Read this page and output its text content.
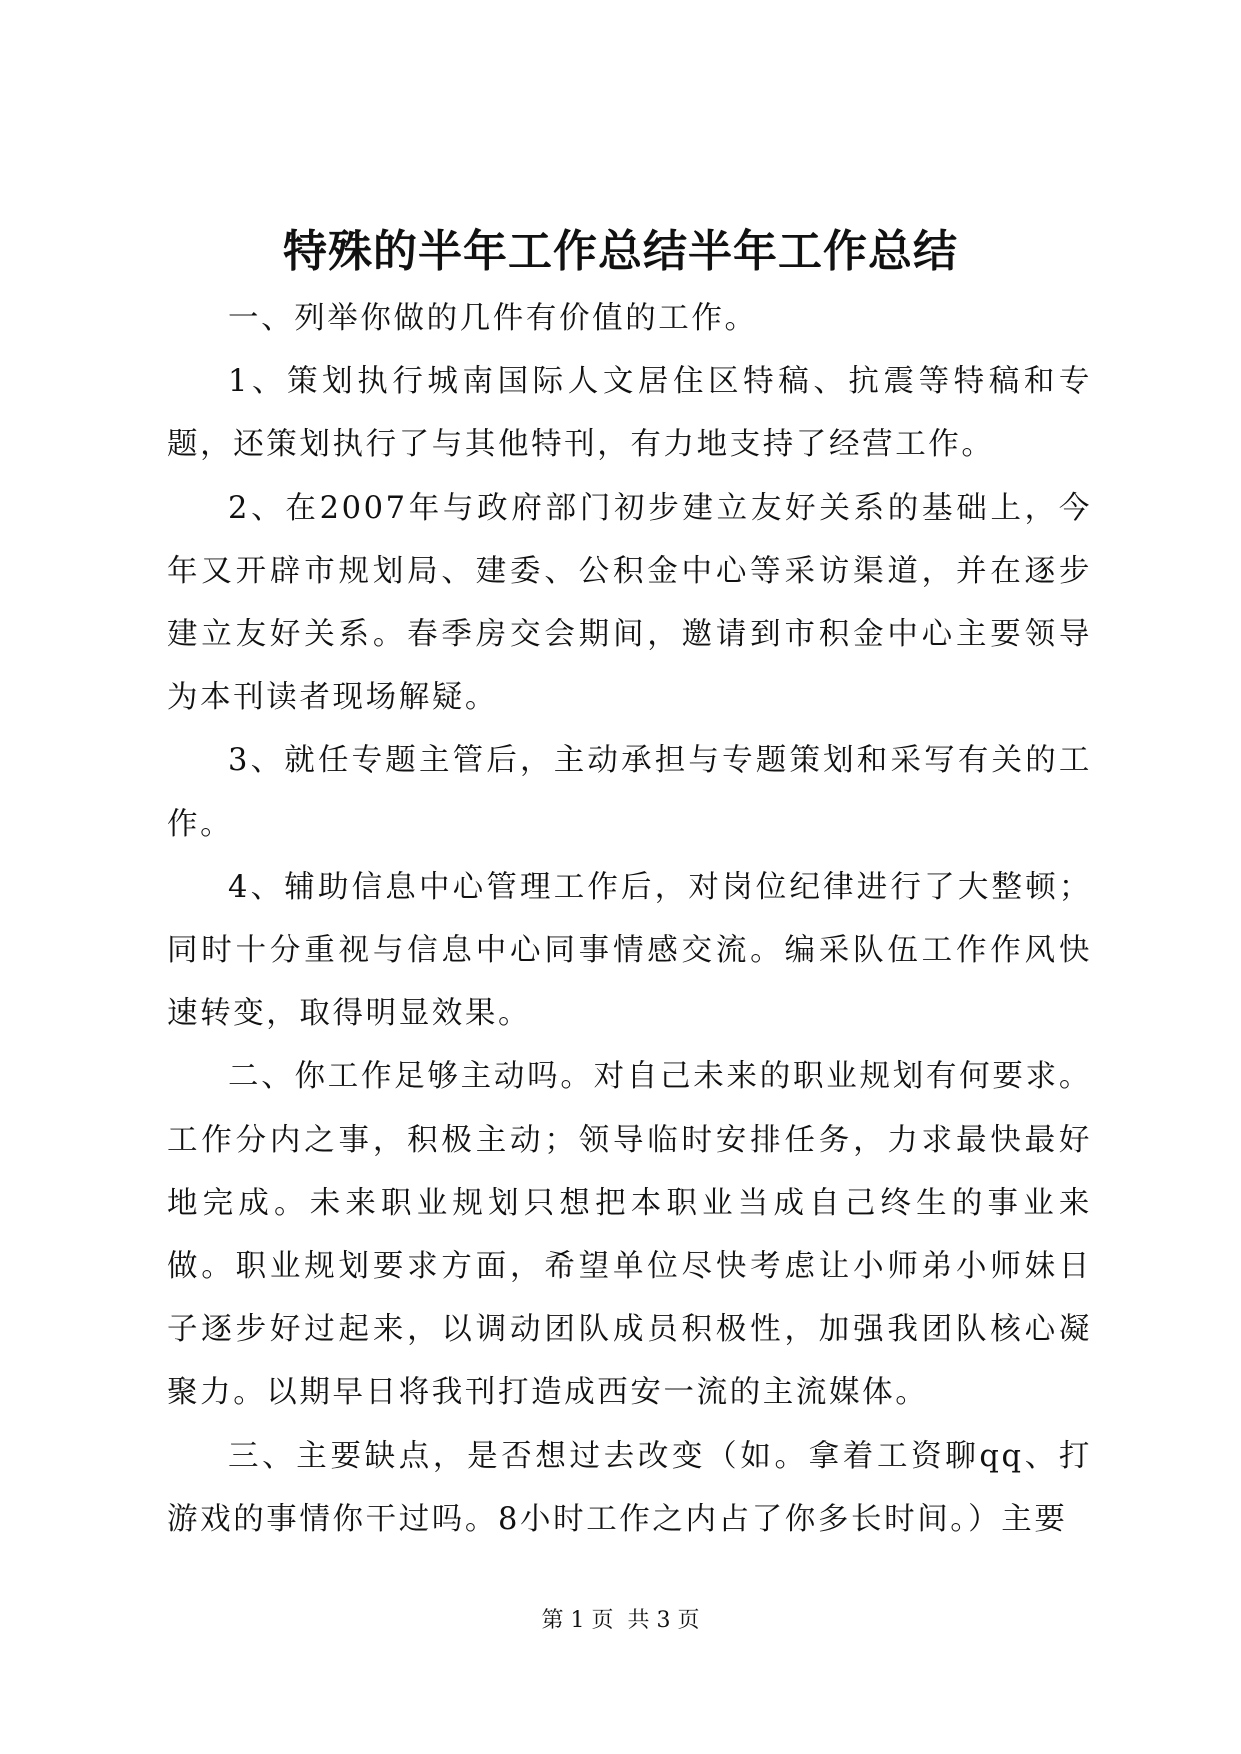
特殊的半年工作总结半年工作总结

一、列举你做的几件有价值的工作。

1、策划执行城南国际人文居住区特稿、抗震等特稿和专题，还策划执行了与其他特刊，有力地支持了经营工作。

2、在2007年与政府部门初步建立友好关系的基础上，今年又开辟市规划局、建委、公积金中心等采访渠道，并在逐步建立友好关系。春季房交会期间，邀请到市积金中心主要领导为本刊读者现场解疑。

3、就任专题主管后，主动承担与专题策划和采写有关的工作。

4、辅助信息中心管理工作后，对岗位纪律进行了大整顿；同时十分重视与信息中心同事情感交流。编采队伍工作作风快速转变，取得明显效果。

二、你工作足够主动吗。对自己未来的职业规划有何要求。工作分内之事，积极主动；领导临时安排任务，力求最快最好地完成。未来职业规划只想把本职业当成自己终生的事业来做。职业规划要求方面，希望单位尽快考虑让小师弟小师妹日子逐步好过起来，以调动团队成员积极性，加强我团队核心凝聚力。以期早日将我刊打造成西安一流的主流媒体。

三、主要缺点，是否想过去改变（如。拿着工资聊qq、打游戏的事情你干过吗。8小时工作之内占了你多长时间。）主要

第 1 页  共 3 页
